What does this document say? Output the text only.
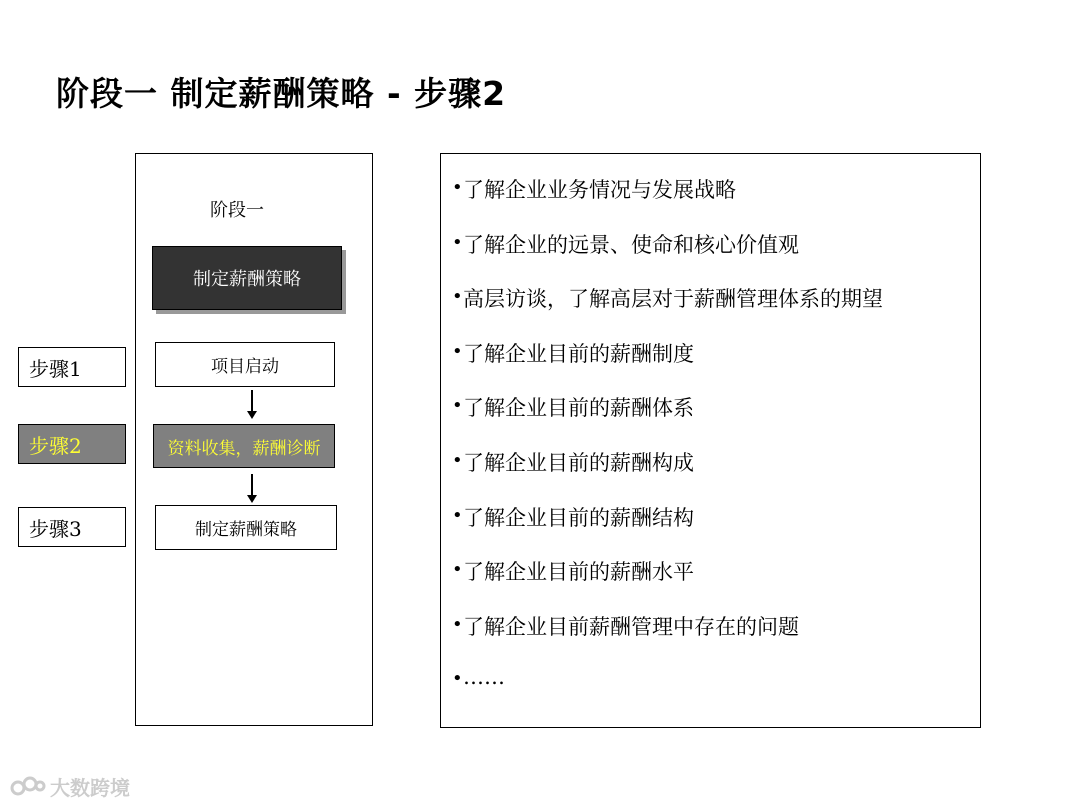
阶段一 制定薪酬策略 - 步骤2
阶段一
制定薪酬策略
项目启动
资料收集，薪酬诊断
制定薪酬策略
步骤1
步骤2
步骤3
• 了解企业业务情况与发展战略
• 了解企业的远景、使命和核心价值观
• 高层访谈，了解高层对于薪酬管理体系的期望
• 了解企业目前的薪酬制度
• 了解企业目前的薪酬体系
• 了解企业目前的薪酬构成
• 了解企业目前的薪酬结构
• 了解企业目前的薪酬水平
• 了解企业目前薪酬管理中存在的问题
• ……
大数跨境
